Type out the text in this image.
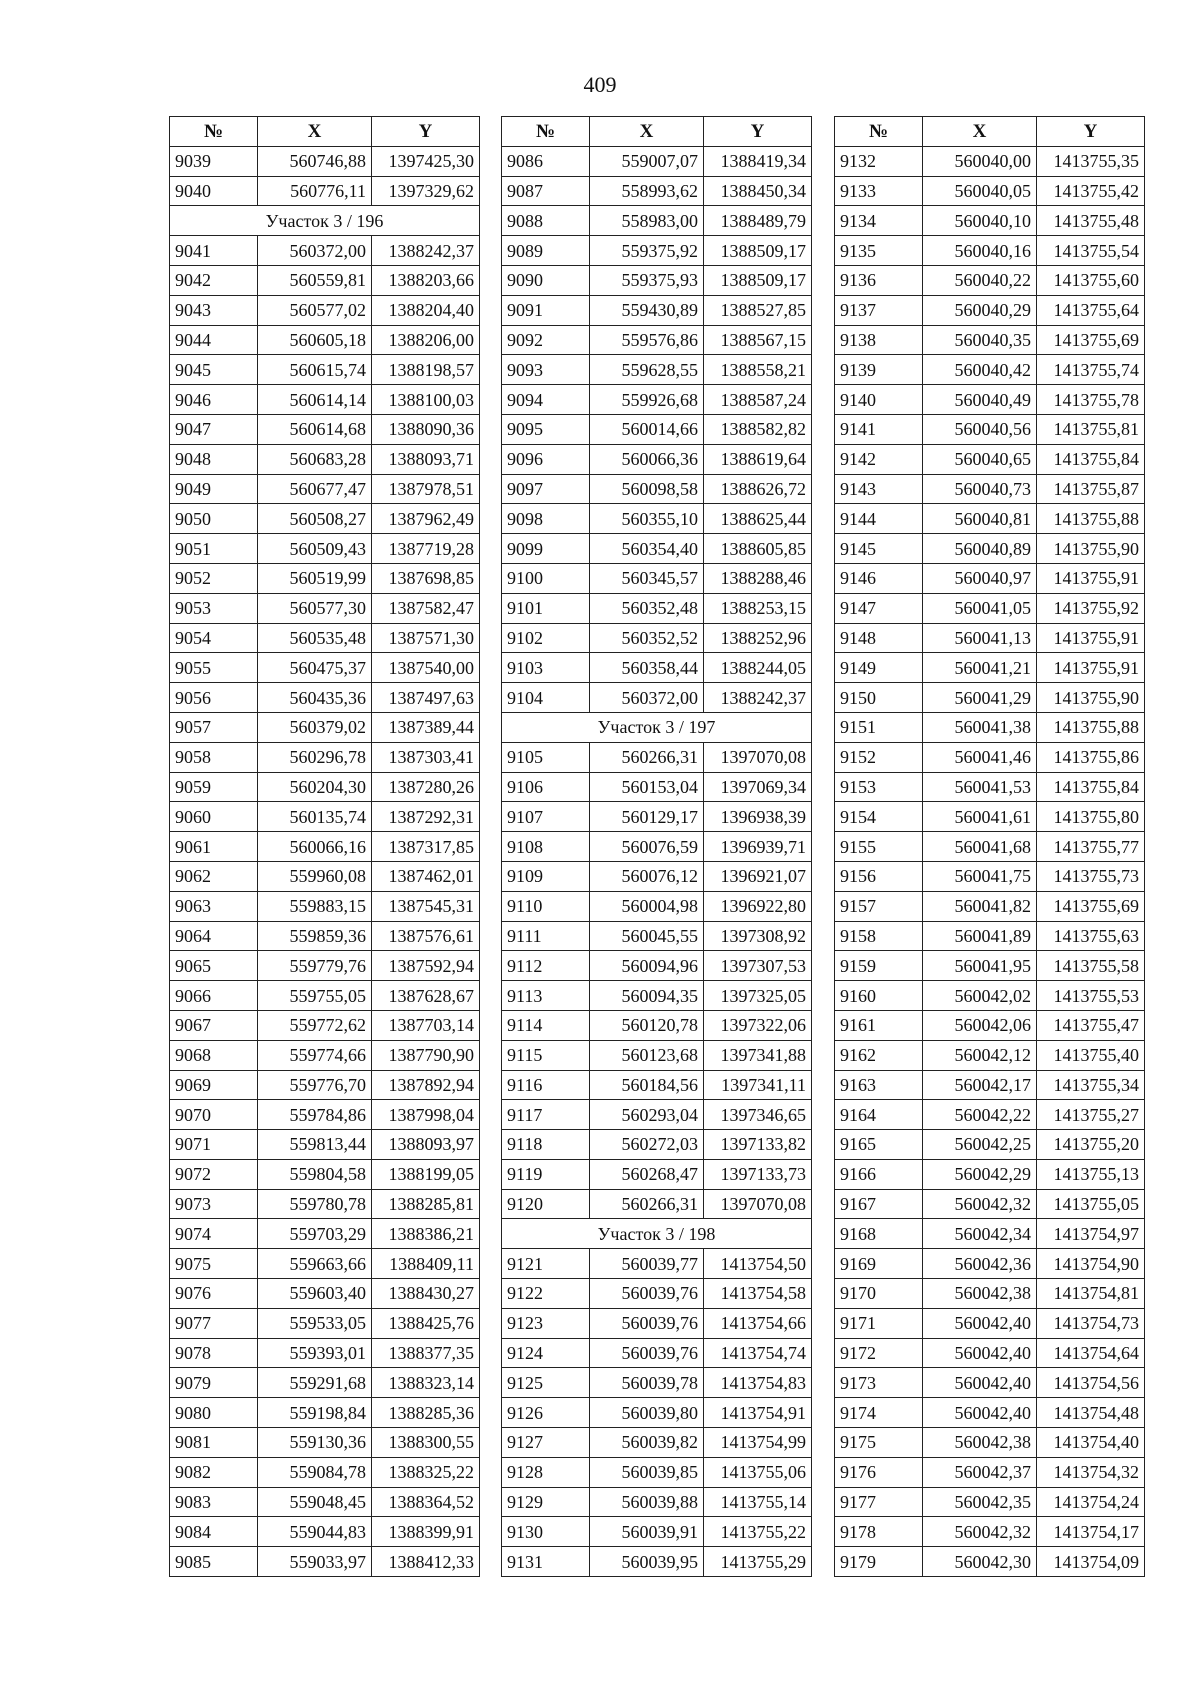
409
№	X	Y
9039	560746,88	1397425,30
9040	560776,11	1397329,62
Участок 3 / 196		
9041	560372,00	1388242,37
9042	560559,81	1388203,66
9043	560577,02	1388204,40
9044	560605,18	1388206,00
9045	560615,74	1388198,57
9046	560614,14	1388100,03
9047	560614,68	1388090,36
9048	560683,28	1388093,71
9049	560677,47	1387978,51
9050	560508,27	1387962,49
9051	560509,43	1387719,28
9052	560519,99	1387698,85
9053	560577,30	1387582,47
9054	560535,48	1387571,30
9055	560475,37	1387540,00
9056	560435,36	1387497,63
9057	560379,02	1387389,44
9058	560296,78	1387303,41
9059	560204,30	1387280,26
9060	560135,74	1387292,31
9061	560066,16	1387317,85
9062	559960,08	1387462,01
9063	559883,15	1387545,31
9064	559859,36	1387576,61
9065	559779,76	1387592,94
9066	559755,05	1387628,67
9067	559772,62	1387703,14
9068	559774,66	1387790,90
9069	559776,70	1387892,94
9070	559784,86	1387998,04
9071	559813,44	1388093,97
9072	559804,58	1388199,05
9073	559780,78	1388285,81
9074	559703,29	1388386,21
9075	559663,66	1388409,11
9076	559603,40	1388430,27
9077	559533,05	1388425,76
9078	559393,01	1388377,35
9079	559291,68	1388323,14
9080	559198,84	1388285,36
9081	559130,36	1388300,55
9082	559084,78	1388325,22
9083	559048,45	1388364,52
9084	559044,83	1388399,91
9085	559033,97	1388412,33
№	X	Y
9086	559007,07	1388419,34
9087	558993,62	1388450,34
9088	558983,00	1388489,79
9089	559375,92	1388509,17
9090	559375,93	1388509,17
9091	559430,89	1388527,85
9092	559576,86	1388567,15
9093	559628,55	1388558,21
9094	559926,68	1388587,24
9095	560014,66	1388582,82
9096	560066,36	1388619,64
9097	560098,58	1388626,72
9098	560355,10	1388625,44
9099	560354,40	1388605,85
9100	560345,57	1388288,46
9101	560352,48	1388253,15
9102	560352,52	1388252,96
9103	560358,44	1388244,05
9104	560372,00	1388242,37
Участок 3 / 197		
9105	560266,31	1397070,08
9106	560153,04	1397069,34
9107	560129,17	1396938,39
9108	560076,59	1396939,71
9109	560076,12	1396921,07
9110	560004,98	1396922,80
9111	560045,55	1397308,92
9112	560094,96	1397307,53
9113	560094,35	1397325,05
9114	560120,78	1397322,06
9115	560123,68	1397341,88
9116	560184,56	1397341,11
9117	560293,04	1397346,65
9118	560272,03	1397133,82
9119	560268,47	1397133,73
9120	560266,31	1397070,08
Участок 3 / 198		
9121	560039,77	1413754,50
9122	560039,76	1413754,58
9123	560039,76	1413754,66
9124	560039,76	1413754,74
9125	560039,78	1413754,83
9126	560039,80	1413754,91
9127	560039,82	1413754,99
9128	560039,85	1413755,06
9129	560039,88	1413755,14
9130	560039,91	1413755,22
9131	560039,95	1413755,29
№	X	Y
9132	560040,00	1413755,35
9133	560040,05	1413755,42
9134	560040,10	1413755,48
9135	560040,16	1413755,54
9136	560040,22	1413755,60
9137	560040,29	1413755,64
9138	560040,35	1413755,69
9139	560040,42	1413755,74
9140	560040,49	1413755,78
9141	560040,56	1413755,81
9142	560040,65	1413755,84
9143	560040,73	1413755,87
9144	560040,81	1413755,88
9145	560040,89	1413755,90
9146	560040,97	1413755,91
9147	560041,05	1413755,92
9148	560041,13	1413755,91
9149	560041,21	1413755,91
9150	560041,29	1413755,90
9151	560041,38	1413755,88
9152	560041,46	1413755,86
9153	560041,53	1413755,84
9154	560041,61	1413755,80
9155	560041,68	1413755,77
9156	560041,75	1413755,73
9157	560041,82	1413755,69
9158	560041,89	1413755,63
9159	560041,95	1413755,58
9160	560042,02	1413755,53
9161	560042,06	1413755,47
9162	560042,12	1413755,40
9163	560042,17	1413755,34
9164	560042,22	1413755,27
9165	560042,25	1413755,20
9166	560042,29	1413755,13
9167	560042,32	1413755,05
9168	560042,34	1413754,97
9169	560042,36	1413754,90
9170	560042,38	1413754,81
9171	560042,40	1413754,73
9172	560042,40	1413754,64
9173	560042,40	1413754,56
9174	560042,40	1413754,48
9175	560042,38	1413754,40
9176	560042,37	1413754,32
9177	560042,35	1413754,24
9178	560042,32	1413754,17
9179	560042,30	1413754,09
